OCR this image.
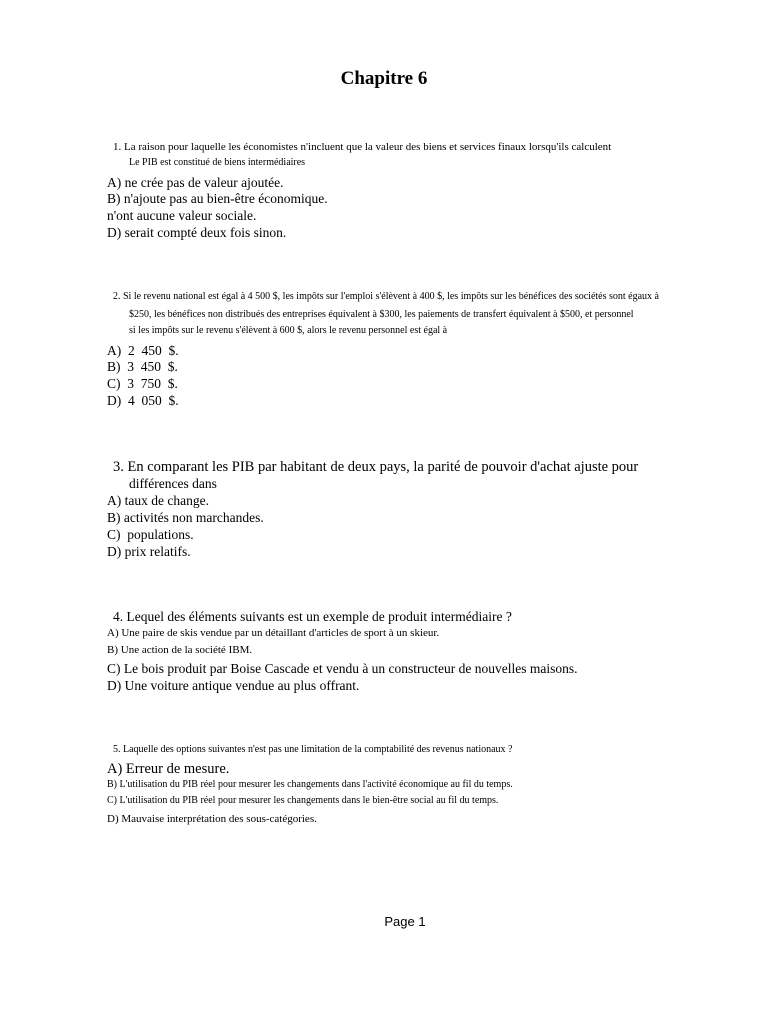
Chapitre 6
1. La raison pour laquelle les économistes n'incluent que la valeur des biens et services finaux lorsqu'ils calculent
Le PIB est constitué de biens intermédiaires
A) ne crée pas de valeur ajoutée.
B) n'ajoute pas au bien-être économique.
n'ont aucune valeur sociale.
D) serait compté deux fois sinon.
2. Si le revenu national est égal à 4 500 $, les impôts sur l'emploi s'élèvent à 400 $, les impôts sur les bénéfices des sociétés sont égaux à
$250, les bénéfices non distribués des entreprises équivalent à $300, les paiements de transfert équivalent à $500, et personnel
si les impôts sur le revenu s'élèvent à 600 $, alors le revenu personnel est égal à
A)  2  450  $.
B)  3  450  $.
C)  3  750  $.
D)  4  050  $.
3. En comparant les PIB par habitant de deux pays, la parité de pouvoir d'achat ajuste pour
différences dans
A) taux de change.
B) activités non marchandes.
C)  populations.
D) prix relatifs.
4. Lequel des éléments suivants est un exemple de produit intermédiaire ?
A) Une paire de skis vendue par un détaillant d'articles de sport à un skieur.
B) Une action de la société IBM.
C) Le bois produit par Boise Cascade et vendu à un constructeur de nouvelles maisons.
D) Une voiture antique vendue au plus offrant.
5. Laquelle des options suivantes n'est pas une limitation de la comptabilité des revenus nationaux ?
A) Erreur de mesure.
B) L'utilisation du PIB réel pour mesurer les changements dans l'activité économique au fil du temps.
C) L'utilisation du PIB réel pour mesurer les changements dans le bien-être social au fil du temps.
D) Mauvaise interprétation des sous-catégories.
Page 1
